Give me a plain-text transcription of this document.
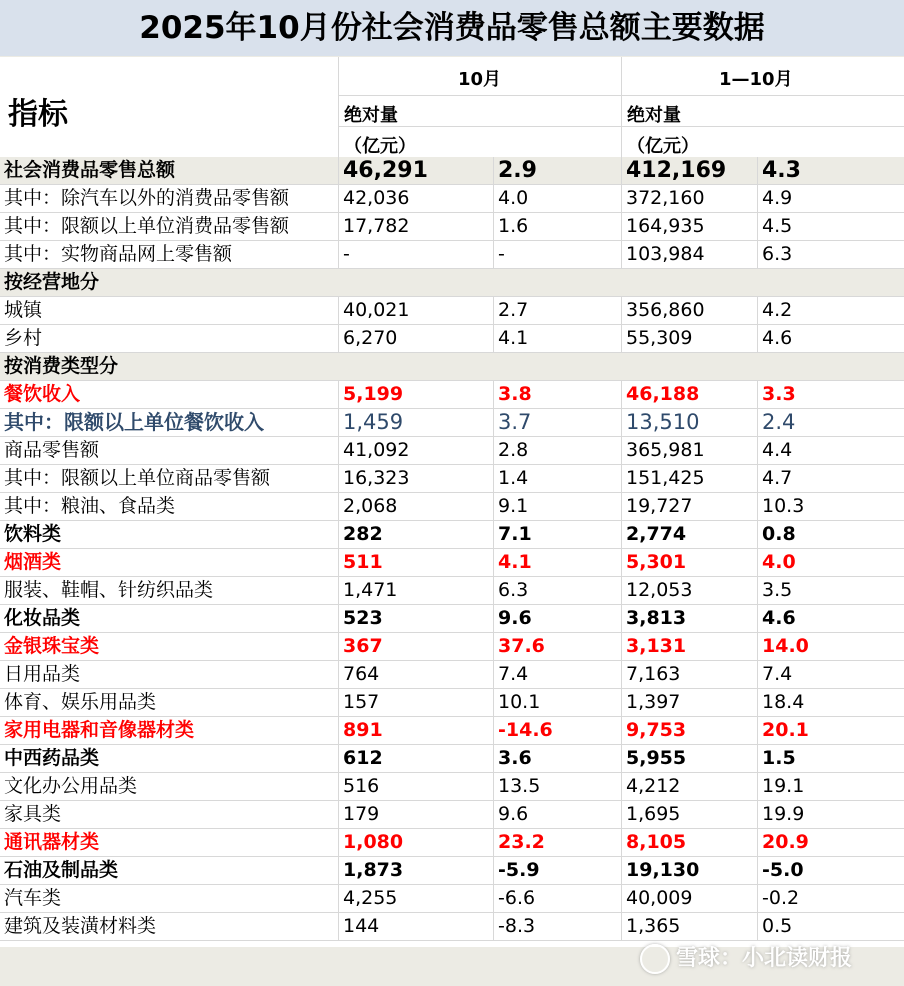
2025年10月份社会消费品零售总额主要数据
指标
10月	1—10月
绝对量	绝对量
（亿元）	（亿元）
社会消费品零售总额	46,291	2.9	412,169	4.3
其中：除汽车以外的消费品零售额	42,036	4.0	372,160	4.9
其中：限额以上单位消费品零售额	17,782	1.6	164,935	4.5
其中：实物商品网上零售额	-	-	103,984	6.3
按经营地分
城镇	40,021	2.7	356,860	4.2
乡村	6,270	4.1	55,309	4.6
按消费类型分
餐饮收入	5,199	3.8	46,188	3.3
其中：限额以上单位餐饮收入	1,459	3.7	13,510	2.4
商品零售额	41,092	2.8	365,981	4.4
其中：限额以上单位商品零售额	16,323	1.4	151,425	4.7
其中：粮油、食品类	2,068	9.1	19,727	10.3
饮料类	282	7.1	2,774	0.8
烟酒类	511	4.1	5,301	4.0
服装、鞋帽、针纺织品类	1,471	6.3	12,053	3.5
化妆品类	523	9.6	3,813	4.6
金银珠宝类	367	37.6	3,131	14.0
日用品类	764	7.4	7,163	7.4
体育、娱乐用品类	157	10.1	1,397	18.4
家用电器和音像器材类	891	-14.6	9,753	20.1
中西药品类	612	3.6	5,955	1.5
文化办公用品类	516	13.5	4,212	19.1
家具类	179	9.6	1,695	19.9
通讯器材类	1,080	23.2	8,105	20.9
石油及制品类	1,873	-5.9	19,130	-5.0
汽车类	4,255	-6.6	40,009	-0.2
建筑及装潢材料类	144	-8.3	1,365	0.5
雪球：小北读财报
